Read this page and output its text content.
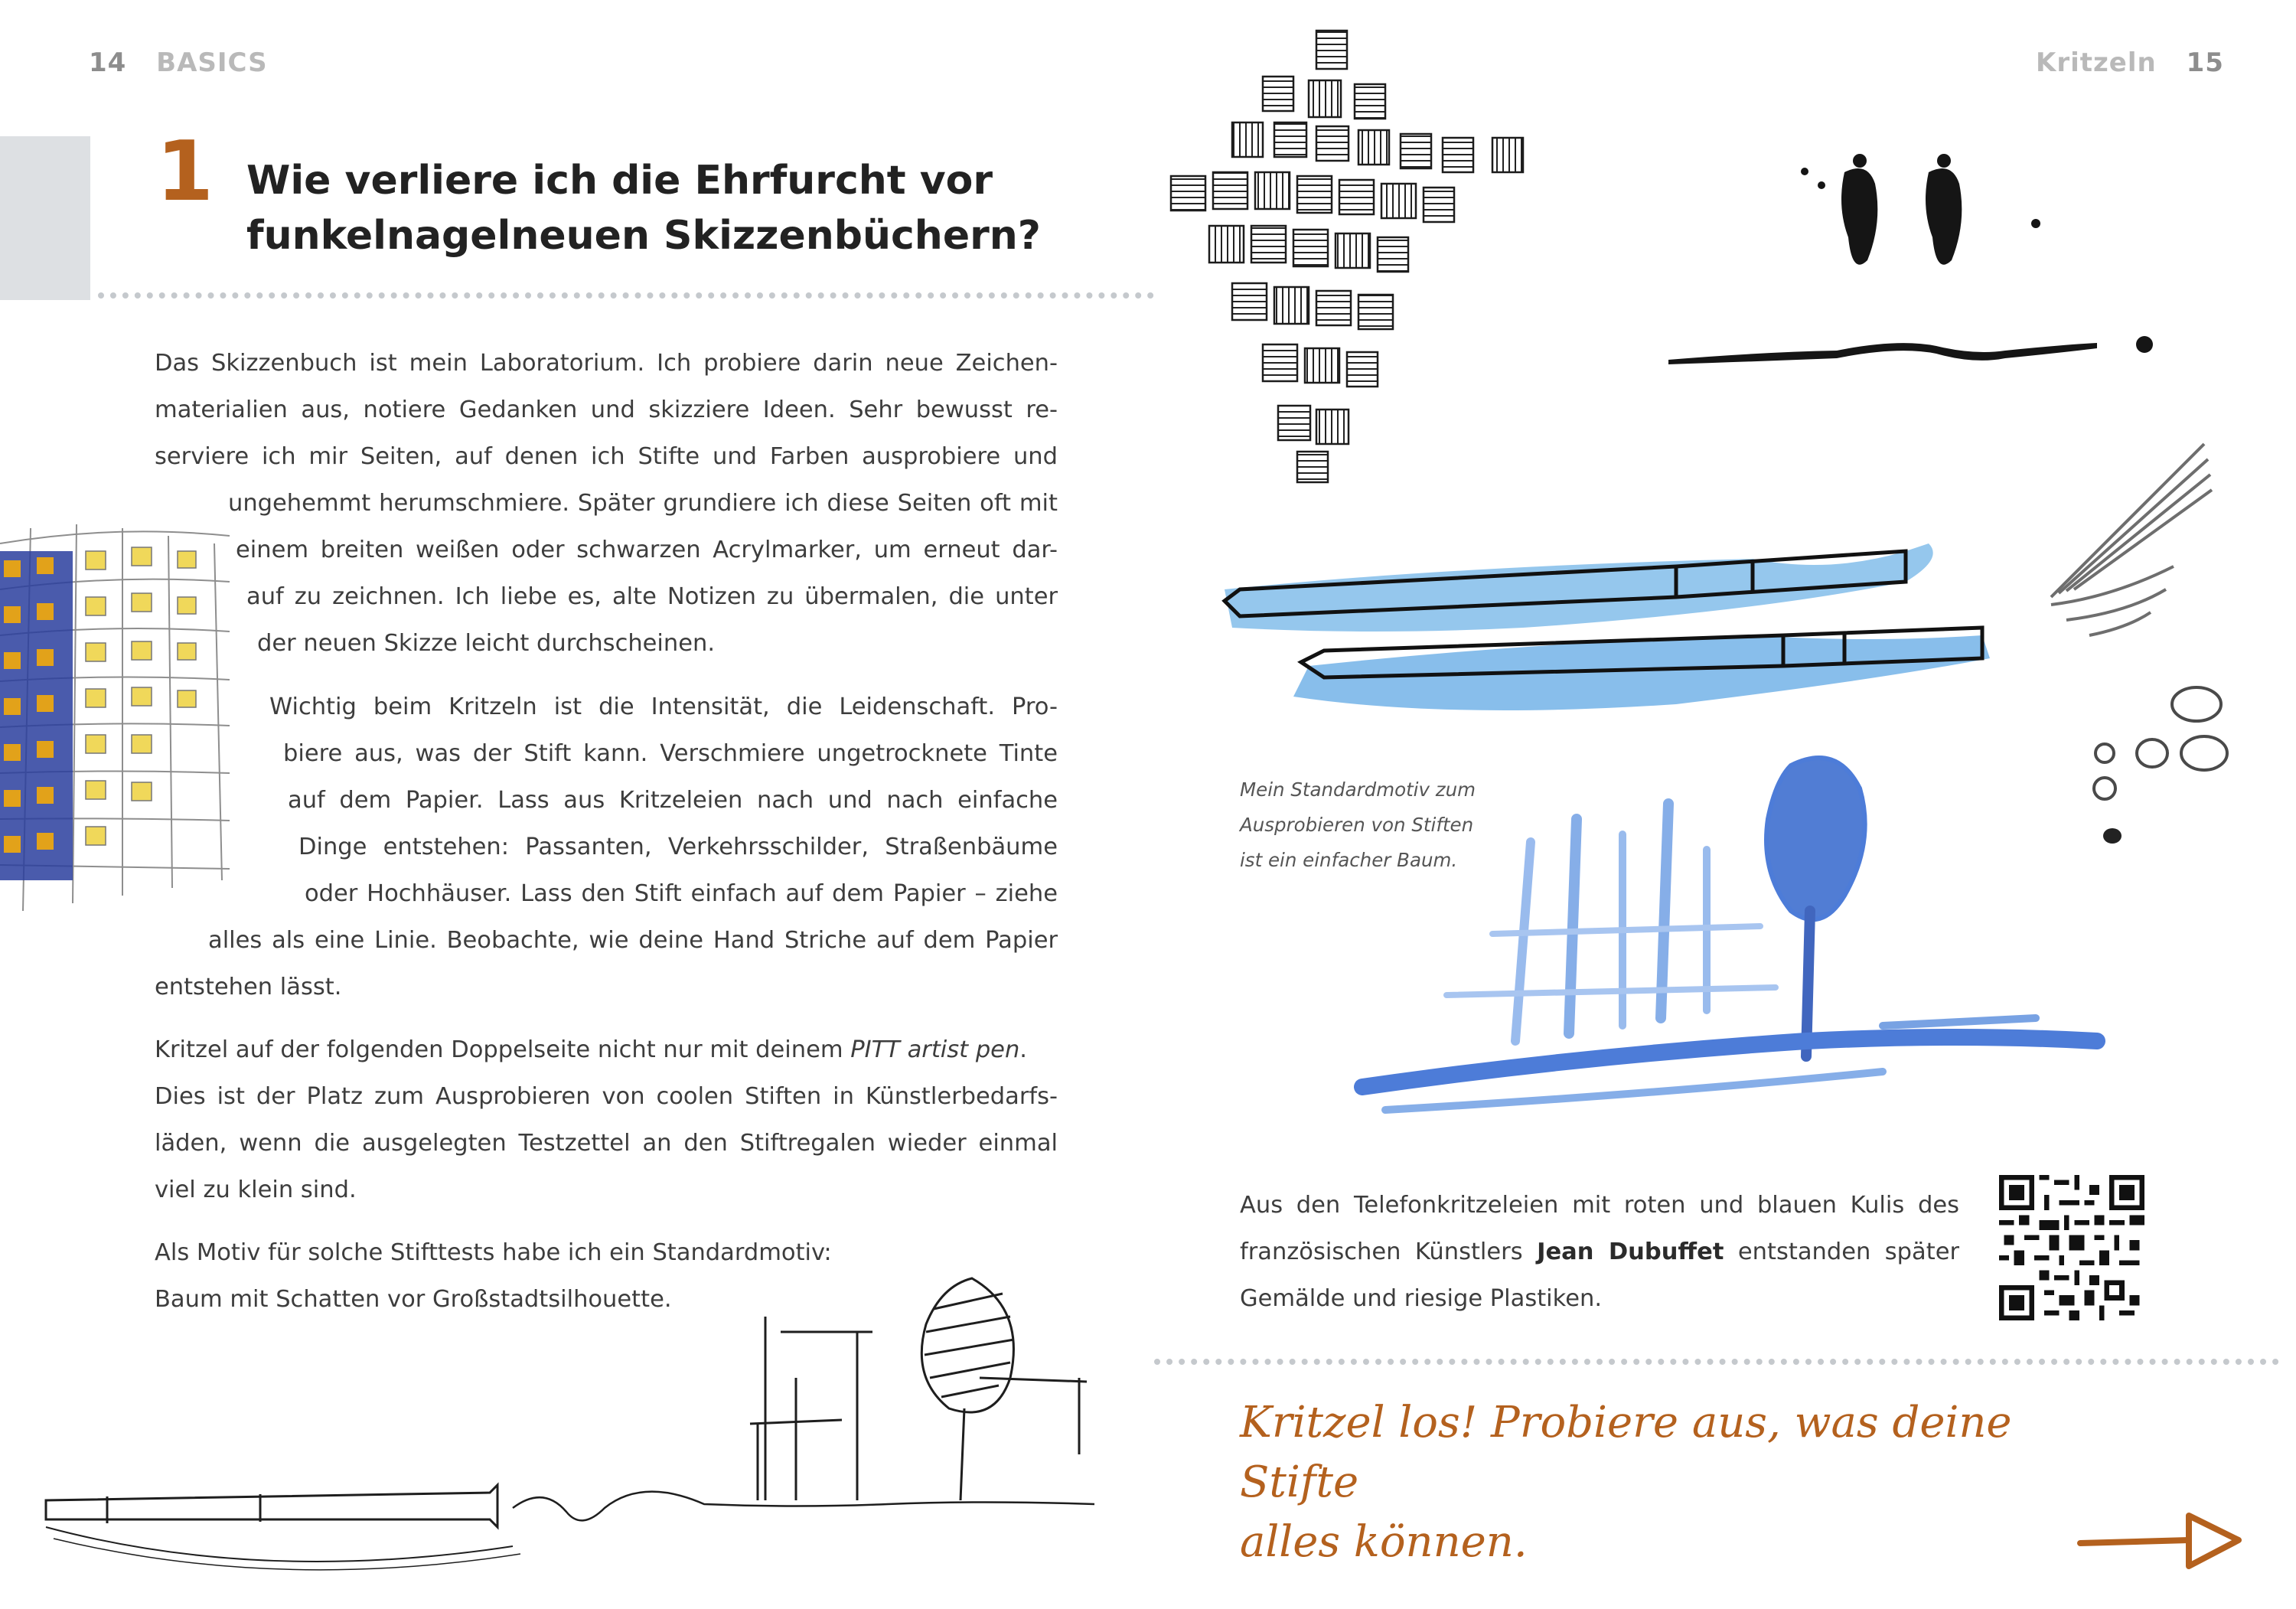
14 BASICS
1 Wie verliere ich die Ehrfurcht vor
funkelnagelneuen Skizzenbüchern?
Das Skizzenbuch ist mein Laboratorium. Ich probiere darin neue Zeichen-
materialien aus, notiere Gedanken und skizziere Ideen. Sehr bewusst re-
serviere ich mir Seiten, auf denen ich Stifte und Farben ausprobiere und
ungehemmt herumschmiere. Später grundiere ich diese Seiten oft mit
einem breiten weißen oder schwarzen Acrylmarker, um erneut dar-
auf zu zeichnen. Ich liebe es, alte Notizen zu übermalen, die unter
der neuen Skizze leicht durchscheinen.
Wichtig beim Kritzeln ist die Intensität, die Leidenschaft. Pro-
biere aus, was der Stift kann. Verschmiere ungetrocknete Tinte
auf dem Papier. Lass aus Kritzeleien nach und nach einfache
Dinge entstehen: Passanten, Verkehrsschilder, Straßenbäume
oder Hochhäuser. Lass den Stift einfach auf dem Papier – ziehe
alles als eine Linie. Beobachte, wie deine Hand Striche auf dem Papier
entstehen lässt.
Kritzel auf der folgenden Doppelseite nicht nur mit deinem PITT artist pen.
Dies ist der Platz zum Ausprobieren von coolen Stiften in Künstlerbedarfs-
läden, wenn die ausgelegten Testzettel an den Stiftregalen wieder einmal
viel zu klein sind.
Als Motiv für solche Stifttests habe ich ein Standardmotiv:
Baum mit Schatten vor Großstadtsilhouette.
Kritzeln 15
Mein Standardmotiv zum
Ausprobieren von Stiften
ist ein einfacher Baum.
Aus den Telefonkritzeleien mit roten und blauen Kulis des
französischen Künstlers Jean Dubuffet entstanden später
Gemälde und riesige Plastiken.
Kritzel los! Probiere aus, was deine Stifte
alles können.
